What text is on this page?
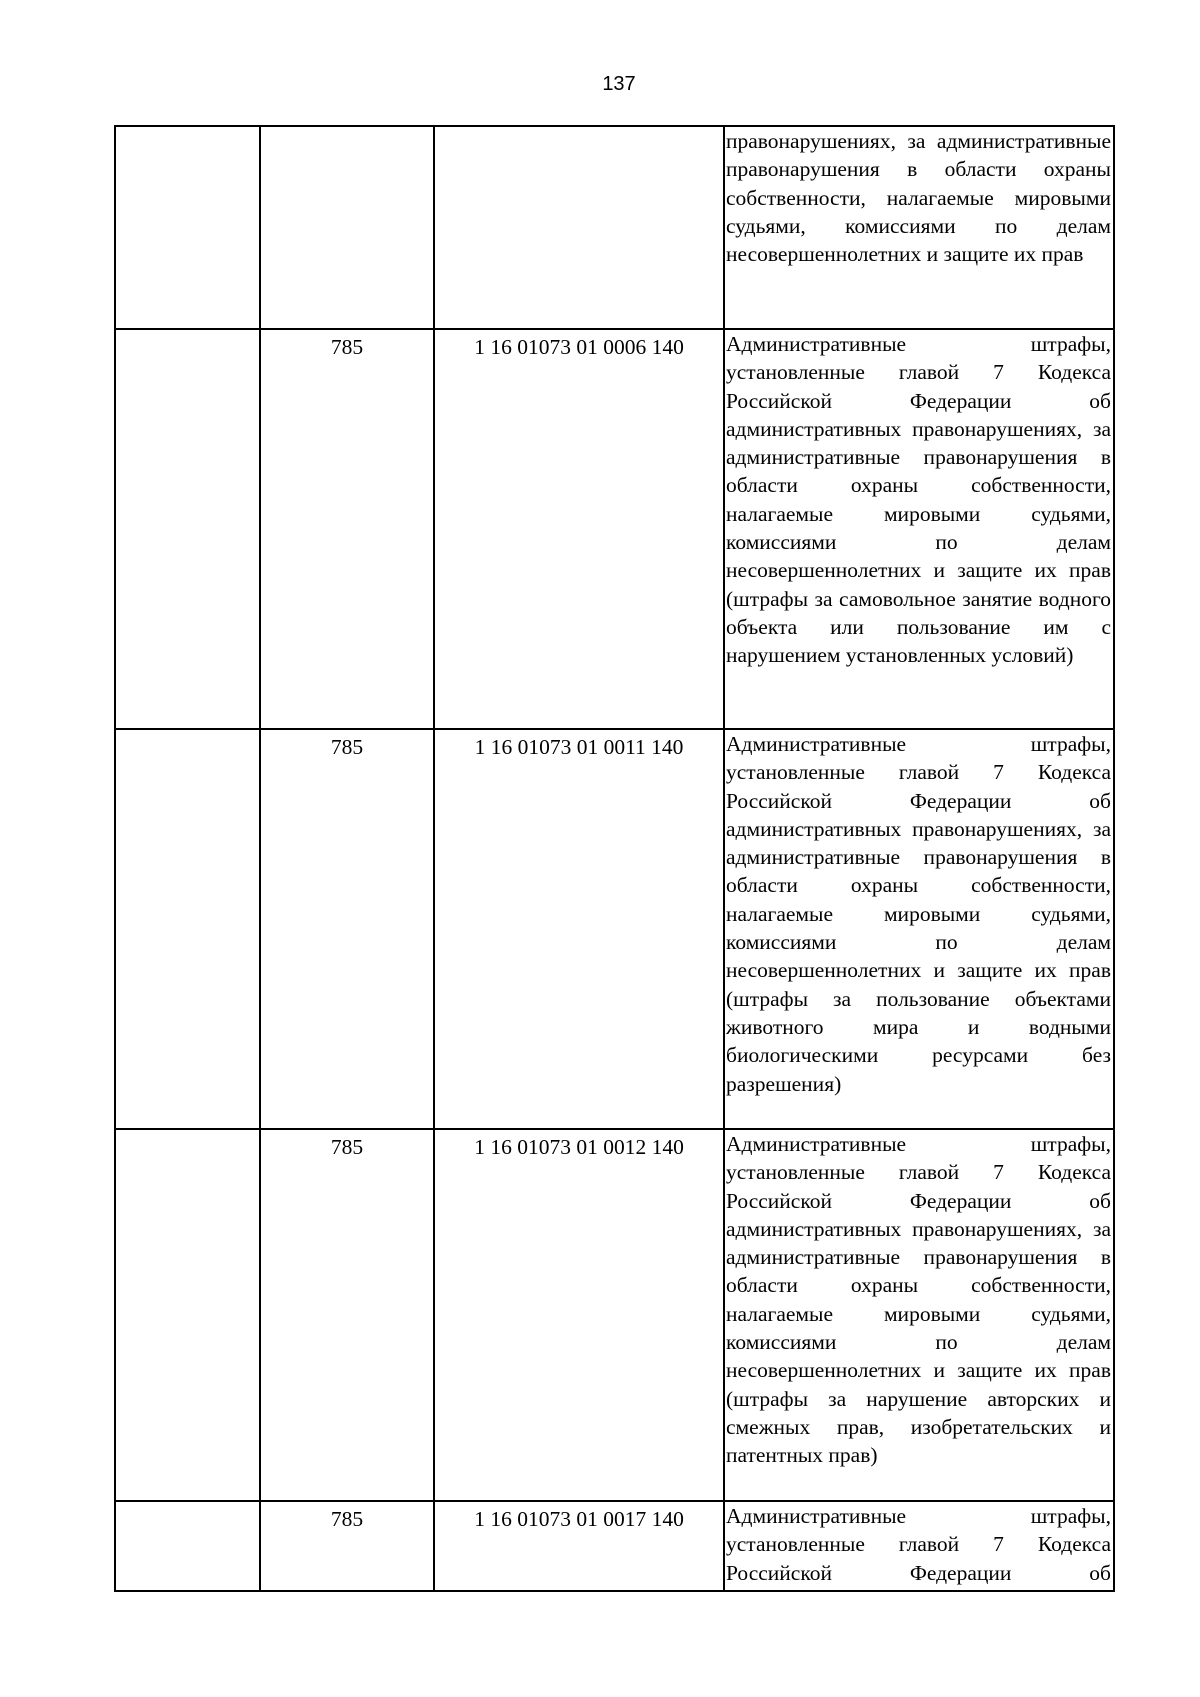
137
			правонарушениях, за административные правонарушения в области охраны собственности, налагаемые мировыми судьями, комиссиями по делам несовершеннолетних и защите их прав
	785	1 16 01073 01 0006 140	Административные штрафы, установленные главой 7 Кодекса Российской Федерации об административных правонарушениях, за административные правонарушения в области охраны собственности, налагаемые мировыми судьями, комиссиями по делам несовершеннолетних и защите их прав (штрафы за самовольное занятие водного объекта или пользование им с нарушением установленных условий)
	785	1 16 01073 01 0011 140	Административные штрафы, установленные главой 7 Кодекса Российской Федерации об административных правонарушениях, за административные правонарушения в области охраны собственности, налагаемые мировыми судьями, комиссиями по делам несовершеннолетних и защите их прав (штрафы за пользование объектами животного мира и водными биологическими ресурсами без разрешения)
	785	1 16 01073 01 0012 140	Административные штрафы, установленные главой 7 Кодекса Российской Федерации об административных правонарушениях, за административные правонарушения в области охраны собственности, налагаемые мировыми судьями, комиссиями по делам несовершеннолетних и защите их прав (штрафы за нарушение авторских и смежных прав, изобретательских и патентных прав)
	785	1 16 01073 01 0017 140	Административные штрафы, установленные главой 7 Кодекса Российской Федерации об
